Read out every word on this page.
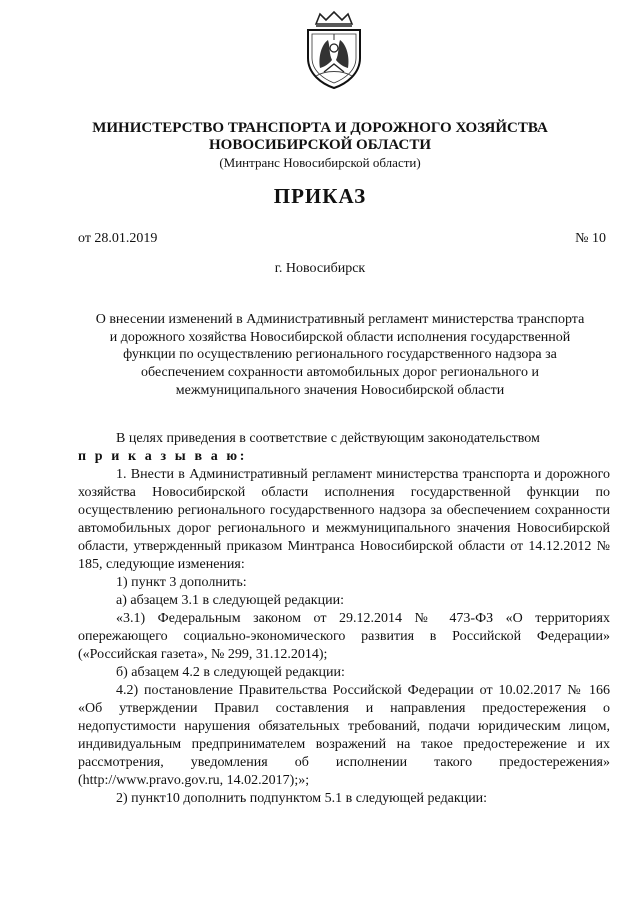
МИНИСТЕРСТВО ТРАНСПОРТА И ДОРОЖНОГО ХОЗЯЙСТВА
НОВОСИБИРСКОЙ ОБЛАСТИ
(Минтранс Новосибирской области)
ПРИКАЗ
от 28.01.2019	№ 10
г. Новосибирск
О внесении изменений в Административный регламент министерства транспорта
и дорожного хозяйства Новосибирской области исполнения государственной
функции по осуществлению регионального государственного надзора за
обеспечением сохранности автомобильных дорог регионального и
межмуниципального значения Новосибирской области

В целях приведения в соответствие с действующим законодательством

п р и к а з ы в а ю:

1. Внести в Административный регламент министерства транспорта и дорожного хозяйства Новосибирской области исполнения государственной функции по осуществлению регионального государственного надзора за обеспечением сохранности автомобильных дорог регионального и межмуниципального значения Новосибирской области, утвержденный приказом Минтранса Новосибирской области от 14.12.2012 № 185, следующие изменения:

1) пункт 3 дополнить:

а) абзацем 3.1 в следующей редакции:

«3.1) Федеральным законом от 29.12.2014 № 473-ФЗ «О территориях опережающего социально-экономического развития в Российской Федерации» («Российская газета», № 299, 31.12.2014);

б) абзацем 4.2 в следующей редакции:

4.2) постановление Правительства Российской Федерации от 10.02.2017 № 166 «Об утверждении Правил составления и направления предостережения о недопустимости нарушения обязательных требований, подачи юридическим лицом, индивидуальным предпринимателем возражений на такое предостережение и их рассмотрения, уведомления об исполнении такого предостережения» (http://www.pravo.gov.ru, 14.02.2017);»;

2) пункт10 дополнить подпунктом 5.1 в следующей редакции:
